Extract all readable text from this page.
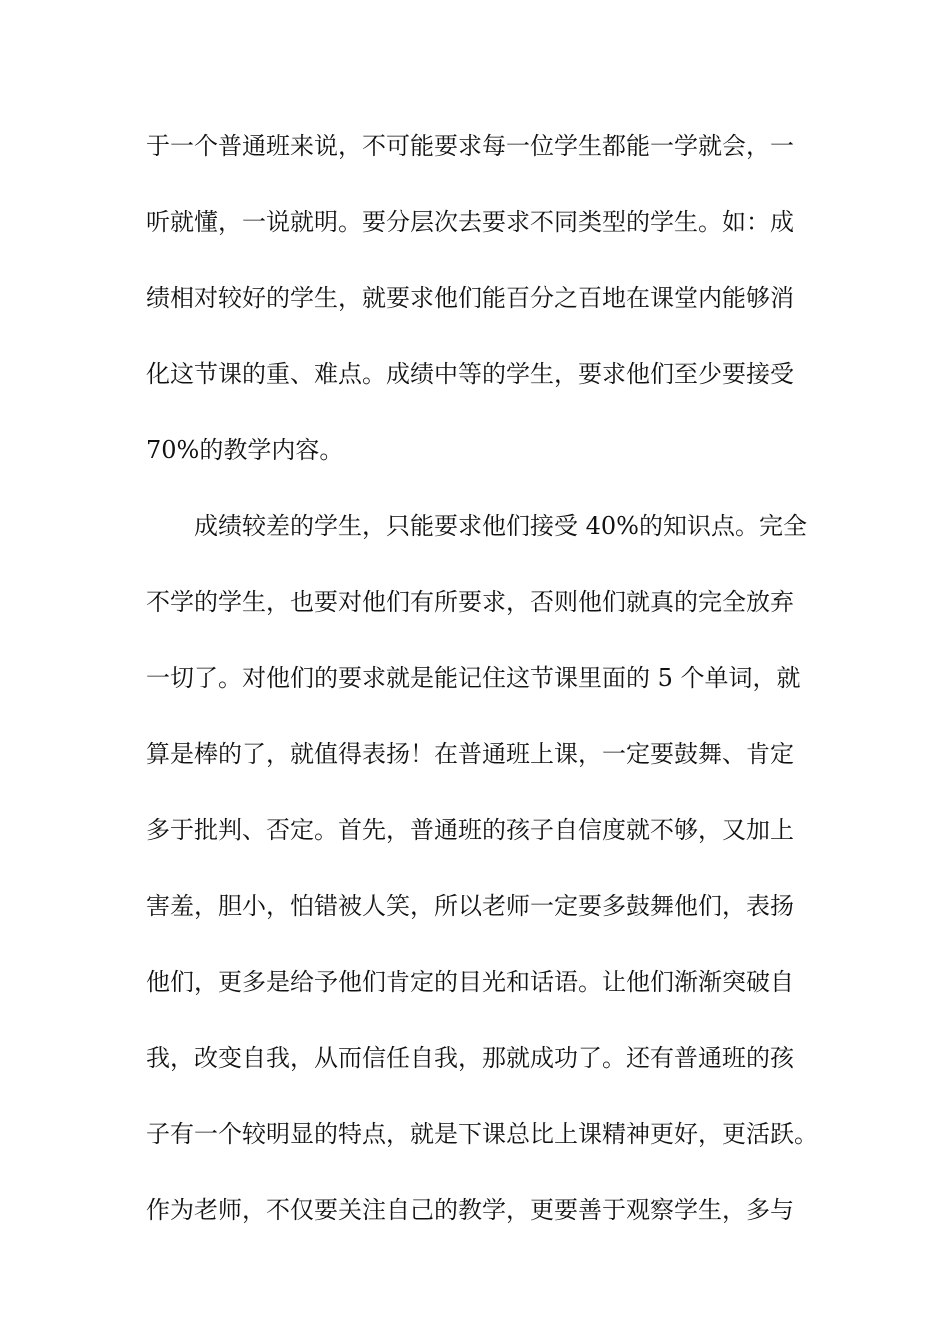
于一个普通班来说，不可能要求每一位学生都能一学就会，一
听就懂，一说就明。要分层次去要求不同类型的学生。如：成
绩相对较好的学生，就要求他们能百分之百地在课堂内能够消
化这节课的重、难点。成绩中等的学生，要求他们至少要接受
70%的教学内容。
成绩较差的学生，只能要求他们接受 40%的知识点。完全
不学的学生，也要对他们有所要求，否则他们就真的完全放弃
一切了。对他们的要求就是能记住这节课里面的 5 个单词，就
算是棒的了，就值得表扬！在普通班上课，一定要鼓舞、肯定
多于批判、否定。首先，普通班的孩子自信度就不够，又加上
害羞，胆小，怕错被人笑，所以老师一定要多鼓舞他们，表扬
他们，更多是给予他们肯定的目光和话语。让他们渐渐突破自
我，改变自我，从而信任自我，那就成功了。还有普通班的孩
子有一个较明显的特点，就是下课总比上课精神更好，更活跃。
作为老师，不仅要关注自己的教学，更要善于观察学生，多与
